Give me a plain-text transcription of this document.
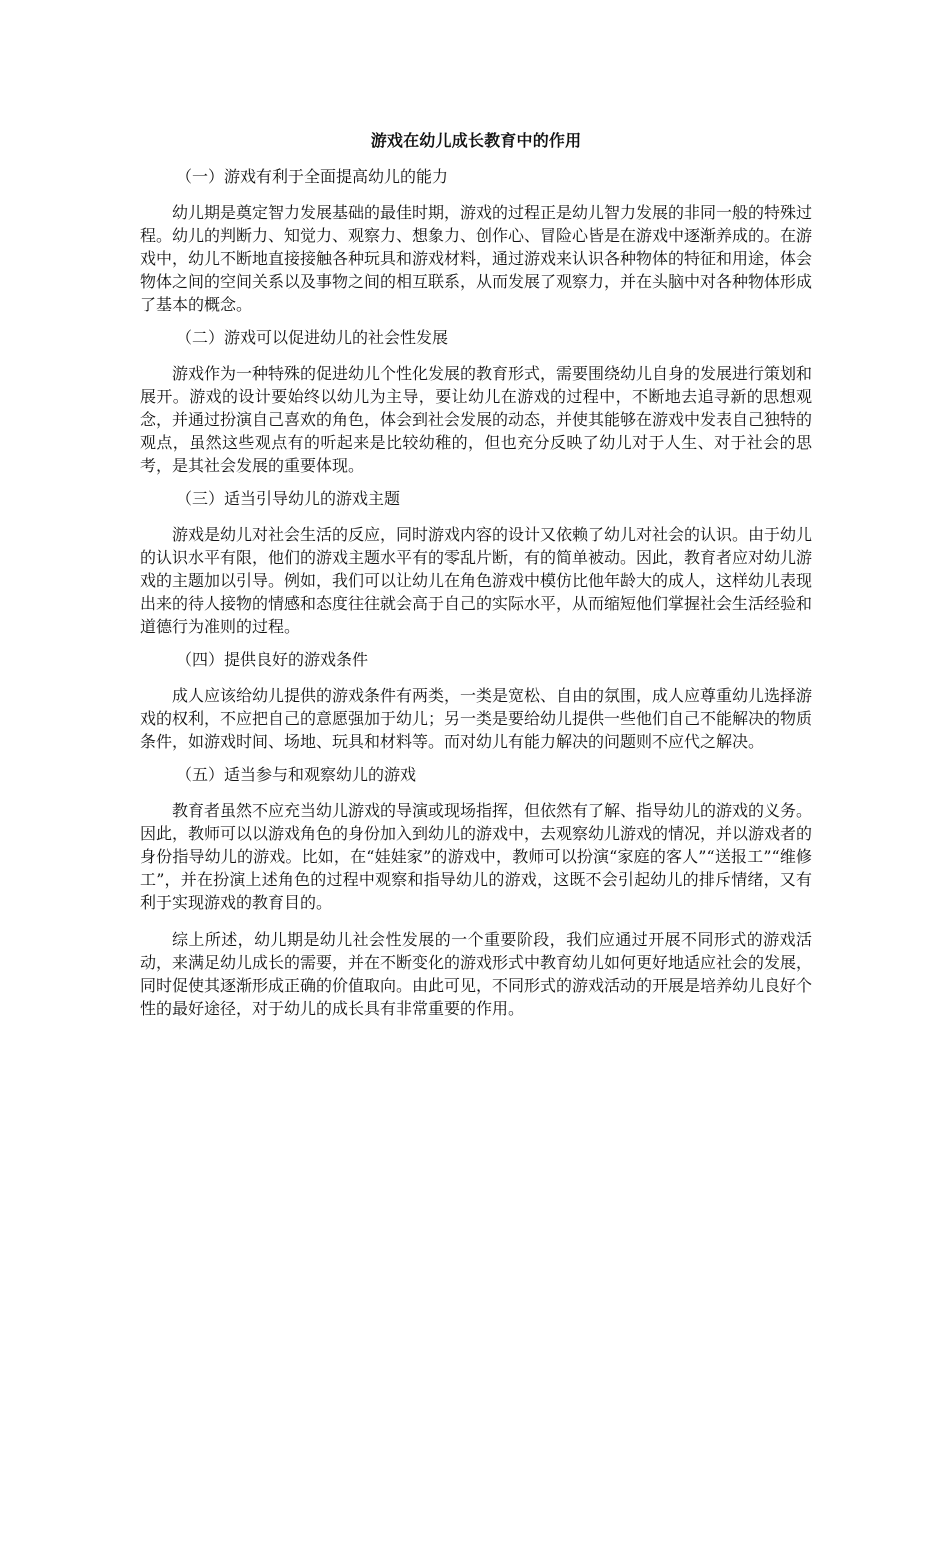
游戏在幼儿成长教育中的作用
（一）游戏有利于全面提高幼儿的能力

幼儿期是奠定智力发展基础的最佳时期，游戏的过程正是幼儿智力发展的非同一般的特殊过程。幼儿的判断力、知觉力、观察力、想象力、创作心、冒险心皆是在游戏中逐渐养成的。在游戏中，幼儿不断地直接接触各种玩具和游戏材料，通过游戏来认识各种物体的特征和用途，体会物体之间的空间关系以及事物之间的相互联系，从而发展了观察力，并在头脑中对各种物体形成了基本的概念。

（二）游戏可以促进幼儿的社会性发展

游戏作为一种特殊的促进幼儿个性化发展的教育形式，需要围绕幼儿自身的发展进行策划和展开。游戏的设计要始终以幼儿为主导，要让幼儿在游戏的过程中，不断地去追寻新的思想观念，并通过扮演自己喜欢的角色，体会到社会发展的动态，并使其能够在游戏中发表自己独特的观点，虽然这些观点有的听起来是比较幼稚的，但也充分反映了幼儿对于人生、对于社会的思考，是其社会发展的重要体现。

（三）适当引导幼儿的游戏主题

游戏是幼儿对社会生活的反应，同时游戏内容的设计又依赖了幼儿对社会的认识。由于幼儿的认识水平有限，他们的游戏主题水平有的零乱片断，有的简单被动。因此，教育者应对幼儿游戏的主题加以引导。例如，我们可以让幼儿在角色游戏中模仿比他年龄大的成人，这样幼儿表现出来的待人接物的情感和态度往往就会高于自己的实际水平，从而缩短他们掌握社会生活经验和道德行为准则的过程。

（四）提供良好的游戏条件

成人应该给幼儿提供的游戏条件有两类，一类是宽松、自由的氛围，成人应尊重幼儿选择游戏的权利，不应把自己的意愿强加于幼儿；另一类是要给幼儿提供一些他们自己不能解决的物质条件，如游戏时间、场地、玩具和材料等。而对幼儿有能力解决的问题则不应代之解决。

（五）适当参与和观察幼儿的游戏

教育者虽然不应充当幼儿游戏的导演或现场指挥，但依然有了解、指导幼儿的游戏的义务。因此，教师可以以游戏角色的身份加入到幼儿的游戏中，去观察幼儿游戏的情况，并以游戏者的身份指导幼儿的游戏。比如，在“娃娃家”的游戏中，教师可以扮演“家庭的客人”“送报工”“维修工”，并在扮演上述角色的过程中观察和指导幼儿的游戏，这既不会引起幼儿的排斥情绪，又有利于实现游戏的教育目的。

综上所述，幼儿期是幼儿社会性发展的一个重要阶段，我们应通过开展不同形式的游戏活动，来满足幼儿成长的需要，并在不断变化的游戏形式中教育幼儿如何更好地适应社会的发展，同时促使其逐渐形成正确的价值取向。由此可见，不同形式的游戏活动的开展是培养幼儿良好个性的最好途径，对于幼儿的成长具有非常重要的作用。
